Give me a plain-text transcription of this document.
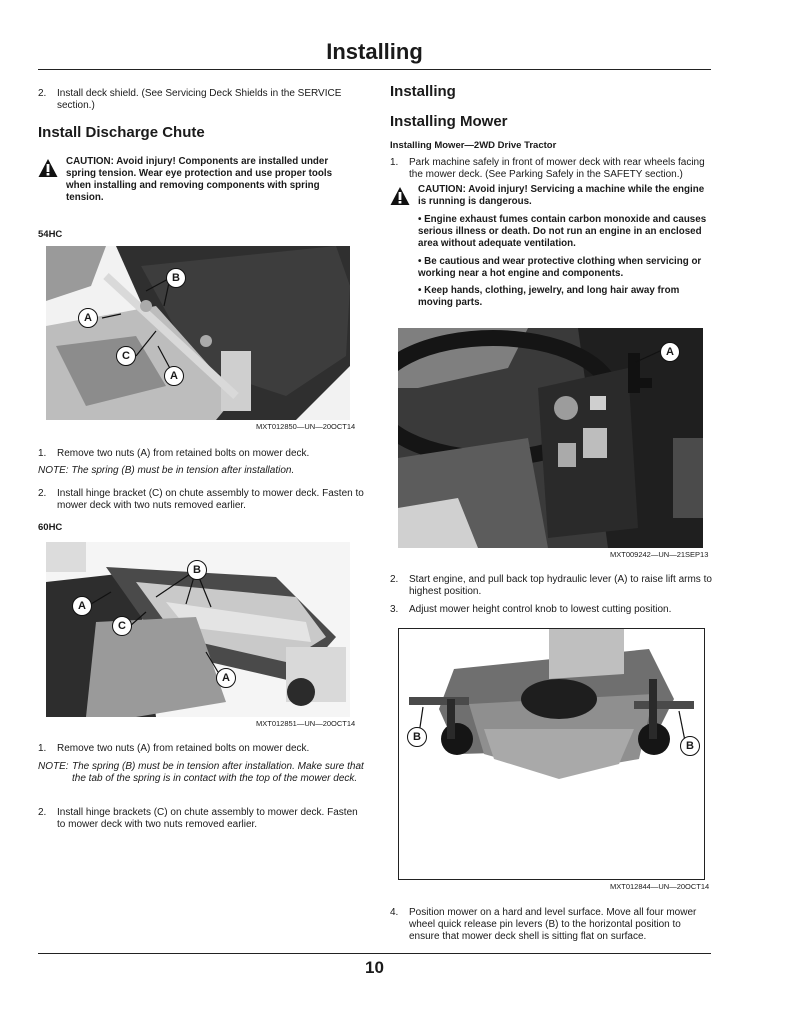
Installing
2.	Install deck shield. (See Servicing Deck Shields in the SERVICE section.)
Install Discharge Chute
CAUTION: Avoid injury! Components are installed under spring tension. Wear eye protection and use proper tools when installing and removing components with spring tension.
54HC
A
B
C
A
MXT012850—UN—20OCT14
1.	Remove two nuts (A) from retained bolts on mower deck.
NOTE: The spring (B) must be in tension after installation.
2.	Install hinge bracket (C) on chute assembly to mower deck. Fasten to mower deck with two nuts removed earlier.
60HC
A
B
C
A
MXT012851—UN—20OCT14
1.	Remove two nuts (A) from retained bolts on mower deck.
NOTE: The spring (B) must be in tension after installation. Make sure that the tab of the spring is in contact with the top of the mower deck.
2.	Install hinge brackets (C) on chute assembly to mower deck. Fasten to mower deck with two nuts removed earlier.
Installing
Installing Mower
Installing Mower—2WD Drive Tractor
1.	Park machine safely in front of mower deck with rear wheels facing the mower deck. (See Parking Safely in the SAFETY section.)
CAUTION: Avoid injury! Servicing a machine while the engine is running is dangerous.
• Engine exhaust fumes contain carbon monoxide and causes serious illness or death. Do not run an engine in an enclosed area without adequate ventilation.
• Be cautious and wear protective clothing when servicing or working near a hot engine and components.
• Keep hands, clothing, jewelry, and long hair away from moving parts.
A
MXT009242—UN—21SEP13
2.	Start engine, and pull back top hydraulic lever (A) to raise lift arms to highest position.
3.	Adjust mower height control knob to lowest cutting position.
B
B
MXT012844—UN—20OCT14
4.	Position mower on a hard and level surface. Move all four mower wheel quick release pin levers (B) to the horizontal position to ensure that mower deck shell is sitting flat on surface.
10
